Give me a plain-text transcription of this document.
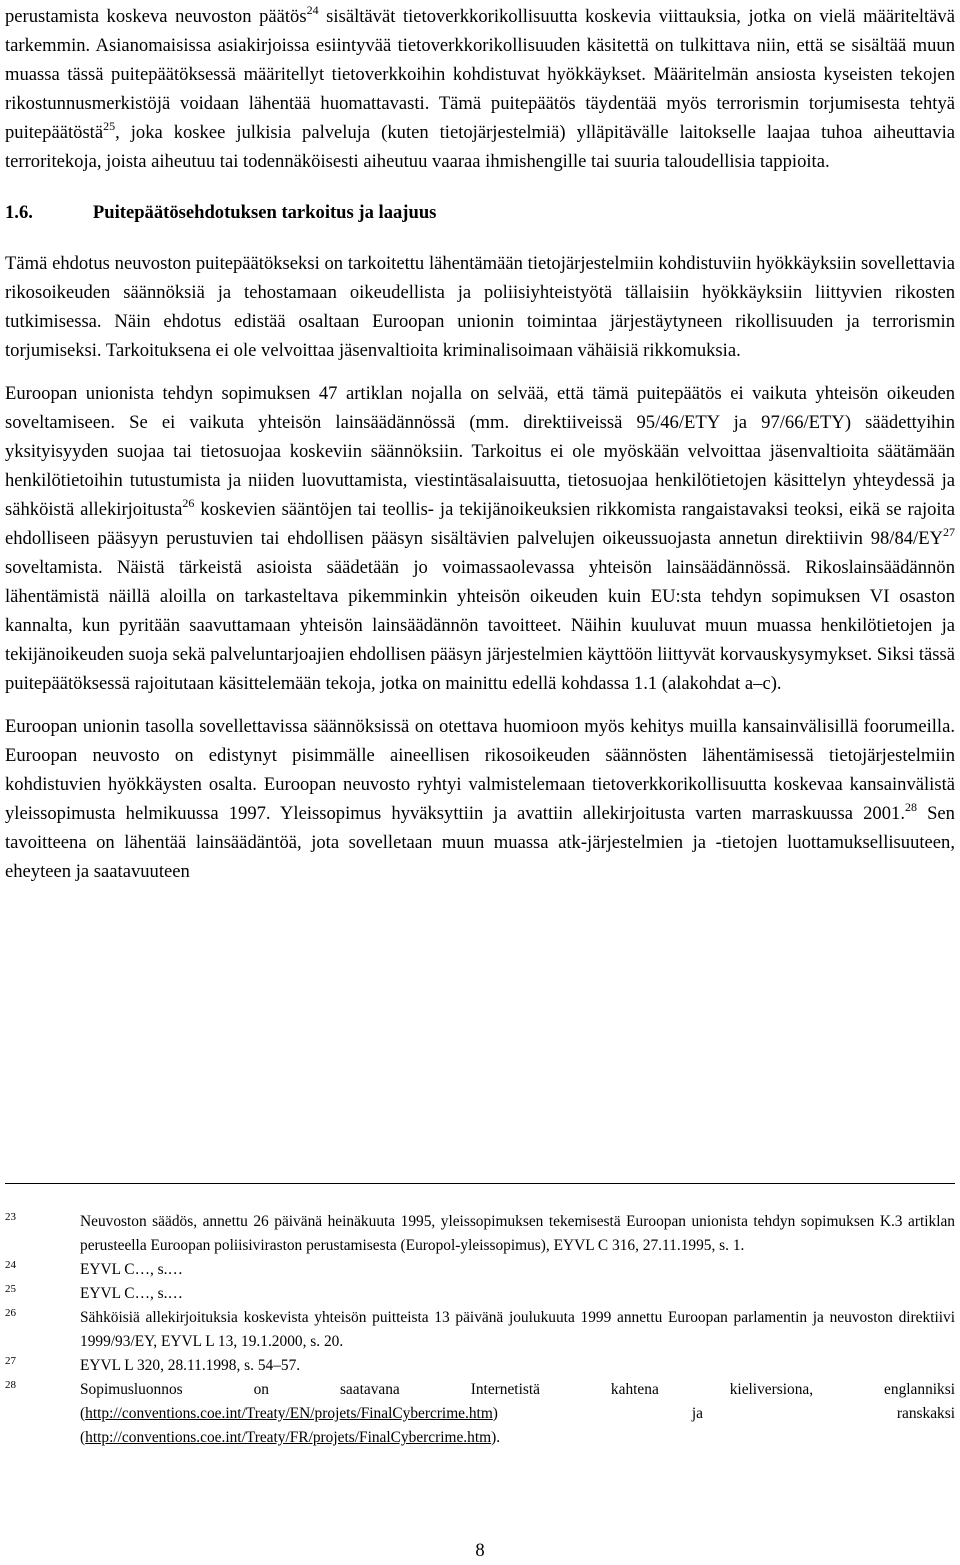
perustamista koskeva neuvoston päätös$^{24}$ sisältävät tietoverkkorikollisuutta koskevia viittauksia, jotka on vielä määriteltävä tarkemmin. Asianomaisissa asiakirjoissa esiintyvää tietoverkkorikollisuuden käsitettä on tulkittava niin, että se sisältää muun muassa tässä puitepäätöksessä määritellyt tietoverkkoihin kohdistuvat hyökkäykset. Määritelmän ansiosta kyseisten tekojen rikostunnusmerkistöjä voidaan lähentää huomattavasti. Tämä puitepäätös täydentää myös terrorismin torjumisesta tehtyä puitepäätöstä$^{25}$, joka koskee julkisia palveluja (kuten tietojärjestelmiä) ylläpitävälle laitokselle laajaa tuhoa aiheuttavia terroritekoja, joista aiheutuu tai todennäköisesti aiheutuu vaaraa ihmishengille tai suuria taloudellisia tappioita.

1.6.	Puitepäätösehdotuksen tarkoitus ja laajuus

Tämä ehdotus neuvoston puitepäätökseksi on tarkoitettu lähentämään tietojärjestelmiin kohdistuviin hyökkäyksiin sovellettavia rikosoikeuden säännöksiä ja tehostamaan oikeudellista ja poliisiyhteistyötä tällaisiin hyökkäyksiin liittyvien rikosten tutkimisessa. Näin ehdotus edistää osaltaan Euroopan unionin toimintaa järjestäytyneen rikollisuuden ja terrorismin torjumiseksi. Tarkoituksena ei ole velvoittaa jäsenvaltioita kriminalisoimaan vähäisiä rikkomuksia.

Euroopan unionista tehdyn sopimuksen 47 artiklan nojalla on selvää, että tämä puitepäätös ei vaikuta yhteisön oikeuden soveltamiseen. Se ei vaikuta yhteisön lainsäädännössä (mm. direktiiveissä 95/46/ETY ja 97/66/ETY) säädettyihin yksityisyyden suojaa tai tietosuojaa koskeviin säännöksiin. Tarkoitus ei ole myöskään velvoittaa jäsenvaltioita säätämään henkilötietoihin tutustumista ja niiden luovuttamista, viestintäsalaisuutta, tietosuojaa henkilötietojen käsittelyn yhteydessä ja sähköistä allekirjoitusta$^{26}$ koskevien sääntöjen tai teollis- ja tekijänoikeuksien rikkomista rangaistavaksi teoksi, eikä se rajoita ehdolliseen pääsyyn perustuvien tai ehdollisen pääsyn sisältävien palvelujen oikeussuojasta annetun direktiivin 98/84/EY$^{27}$ soveltamista. Näistä tärkeistä asioista säädetään jo voimassaolevassa yhteisön lainsäädännössä. Rikoslainsäädännön lähentämistä näillä aloilla on tarkasteltava pikemminkin yhteisön oikeuden kuin EU:sta tehdyn sopimuksen VI osaston kannalta, kun pyritään saavuttamaan yhteisön lainsäädännön tavoitteet. Näihin kuuluvat muun muassa henkilötietojen ja tekijänoikeuden suoja sekä palveluntarjoajien ehdollisen pääsyn järjestelmien käyttöön liittyvät korvauskysymykset. Siksi tässä puitepäätöksessä rajoitutaan käsittelemään tekoja, jotka on mainittu edellä kohdassa 1.1 (alakohdat a–c).

Euroopan unionin tasolla sovellettavissa säännöksissä on otettava huomioon myös kehitys muilla kansainvälisillä foorumeilla. Euroopan neuvosto on edistynyt pisimmälle aineellisen rikosoikeuden säännösten lähentämisessä tietojärjestelmiin kohdistuvien hyökkäysten osalta. Euroopan neuvosto ryhtyi valmistelemaan tietoverkkorikollisuutta koskevaa kansainvälistä yleissopimusta helmikuussa 1997. Yleissopimus hyväksyttiin ja avattiin allekirjoitusta varten marraskuussa 2001.28 Sen tavoitteena on lähentää lainsäädäntöä, jota sovelletaan muun muassa atk-järjestelmien ja -tietojen luottamuksellisuuteen, eheyteen ja saatavuuteen

23	Neuvoston säädös, annettu 26 päivänä heinäkuuta 1995, yleissopimuksen tekemisestä Euroopan unionista tehdyn sopimuksen K.3 artiklan perusteella Euroopan poliisiviraston perustamisesta (Europol-yleissopimus), EYVL C 316, 27.11.1995, s. 1.
24	EYVL C…, s.…
25	EYVL C…, s.…
26	Sähköisiä allekirjoituksia koskevista yhteisön puitteista 13 päivänä joulukuuta 1999 annettu Euroopan parlamentin ja neuvoston direktiivi 1999/93/EY, EYVL L 13, 19.1.2000, s. 20.
27	EYVL L 320, 28.11.1998, s. 54–57.
28	Sopimusluonnos on saatavana Internetistä kahtena kieliversiona, englanniksi (http://conventions.coe.int/Treaty/EN/projets/FinalCybercrime.htm) ja ranskaksi (http://conventions.coe.int/Treaty/FR/projets/FinalCybercrime.htm).
8
